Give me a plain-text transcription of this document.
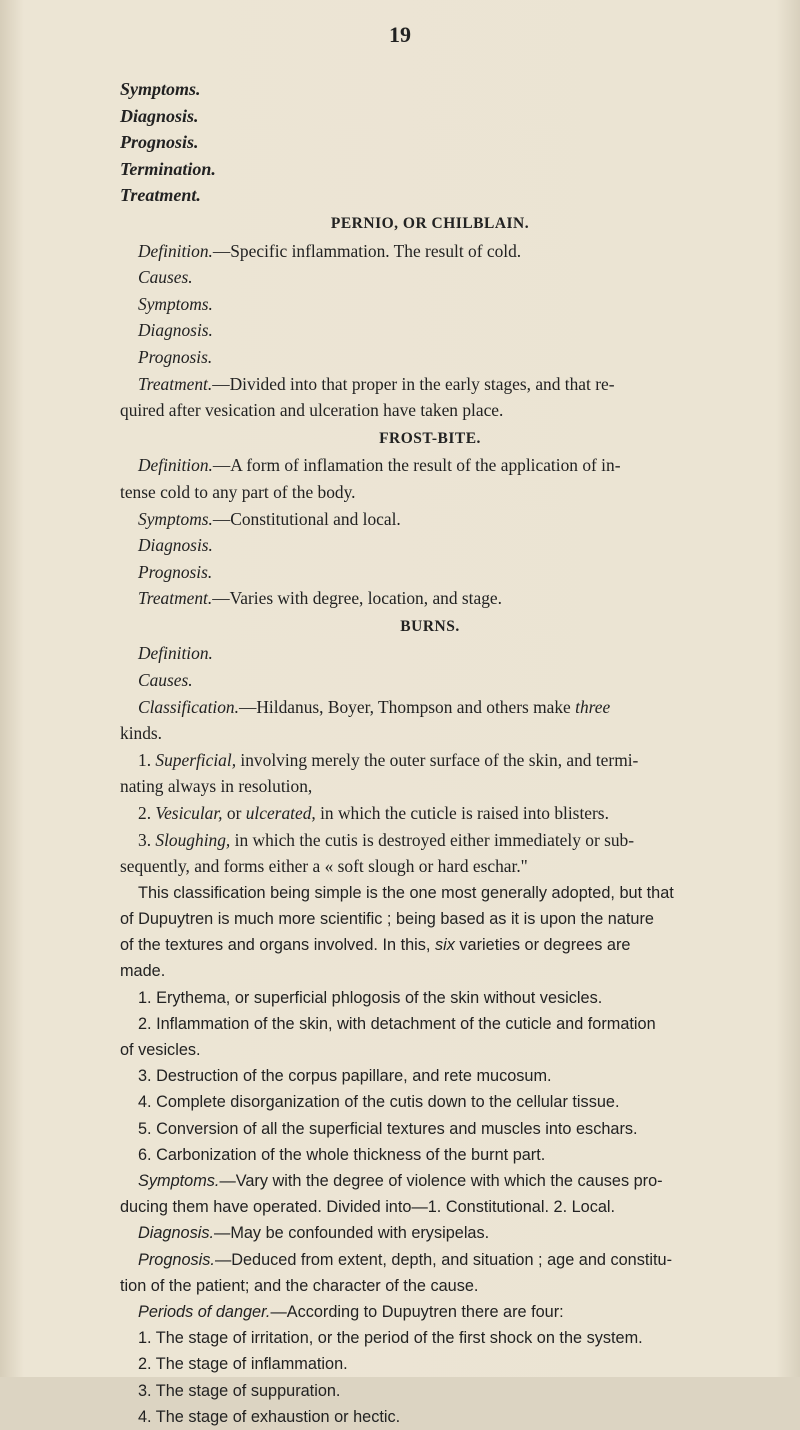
19
Symptoms.
Diagnosis.
Prognosis.
Termination.
Treatment.
PERNIO, OR CHILBLAIN.
Definition.—Specific inflammation. The result of cold.
Causes.
Symptoms.
Diagnosis.
Prognosis.
Treatment.—Divided into that proper in the early stages, and that re-
quired after vesication and ulceration have taken place.
FROST-BITE.
Definition.—A form of inflamation the result of the application of in-
tense cold to any part of the body.
Symptoms.—Constitutional and local.
Diagnosis.
Prognosis.
Treatment.—Varies with degree, location, and stage.
BURNS.
Definition.
Causes.
Classification.—Hildanus, Boyer, Thompson and others make three
kinds.
1. Superficial, involving merely the outer surface of the skin, and termi-
nating always in resolution,
2. Vesicular, or ulcerated, in which the cuticle is raised into blisters.
3. Sloughing, in which the cutis is destroyed either immediately or sub-
sequently, and forms either a « soft slough or hard eschar."
This classification being simple is the one most generally adopted, but that
of Dupuytren is much more scientific ; being based as it is upon the nature
of the textures and organs involved. In this, six varieties or degrees are
made.
1. Erythema, or superficial phlogosis of the skin without vesicles.
2. Inflammation of the skin, with detachment of the cuticle and formation
of vesicles.
3. Destruction of the corpus papillare, and rete mucosum.
4. Complete disorganization of the cutis down to the cellular tissue.
5. Conversion of all the superficial textures and muscles into eschars.
6. Carbonization of the whole thickness of the burnt part.
Symptoms.—Vary with the degree of violence with which the causes pro-
ducing them have operated. Divided into—1. Constitutional. 2. Local.
Diagnosis.—May be confounded with erysipelas.
Prognosis.—Deduced from extent, depth, and situation ; age and constitu-
tion of the patient; and the character of the cause.
Periods of danger.—According to Dupuytren there are four:
1. The stage of irritation, or the period of the first shock on the system.
2. The stage of inflammation.
3. The stage of suppuration.
4. The stage of exhaustion or hectic.
